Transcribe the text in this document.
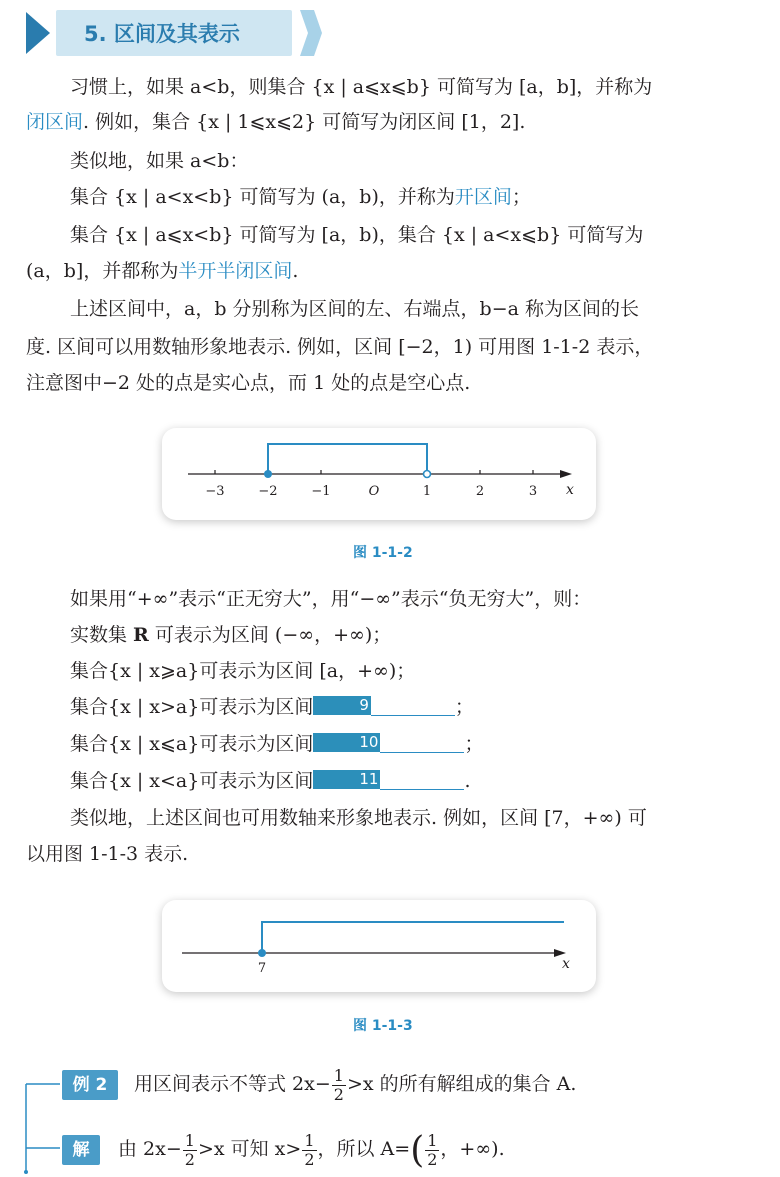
5. 区间及其表示
习惯上，如果 a<b，则集合 {x | a⩽x⩽b} 可简写为 [a，b]，并称为
闭区间. 例如，集合 {x | 1⩽x⩽2} 可简写为闭区间 [1，2].
类似地，如果 a<b：
集合 {x | a<x<b} 可简写为 (a，b)，并称为开区间；
集合 {x | a⩽x<b} 可简写为 [a，b)，集合 {x | a<x⩽b} 可简写为
(a，b]，并都称为半开半闭区间.
上述区间中，a，b 分别称为区间的左、右端点，b−a 称为区间的长
度. 区间可以用数轴形象地表示. 例如，区间 [−2，1) 可用图 1-1-2 表示，
注意图中−2 处的点是实心点，而 1 处的点是空心点.
−3	−2	−1	O	1	2	3 x
图 1-1-2
如果用“+∞”表示“正无穷大”，用“−∞”表示“负无穷大”，则：
实数集 R 可表示为区间 (−∞，+∞)；
集合{x | x⩾a}可表示为区间 [a，+∞)；
集合{x | x>a}可表示为区间	9	；
集合{x | x⩽a}可表示为区间	10	；
集合{x | x<a}可表示为区间	11	.
类似地，上述区间也可用数轴来形象地表示. 例如，区间 [7，+∞) 可
以用图 1-1-3 表示.
7	x
图 1-1-3
例 2	用区间表示不等式 $2x- \frac{1}{2} >x$ 的所有解组成的集合 A.
解	由 $2x- \frac{1}{2} >x$ 可知 $x> \frac{1}{2}$ ，所以 $A=( \frac{1}{2}$ ，+∞).
